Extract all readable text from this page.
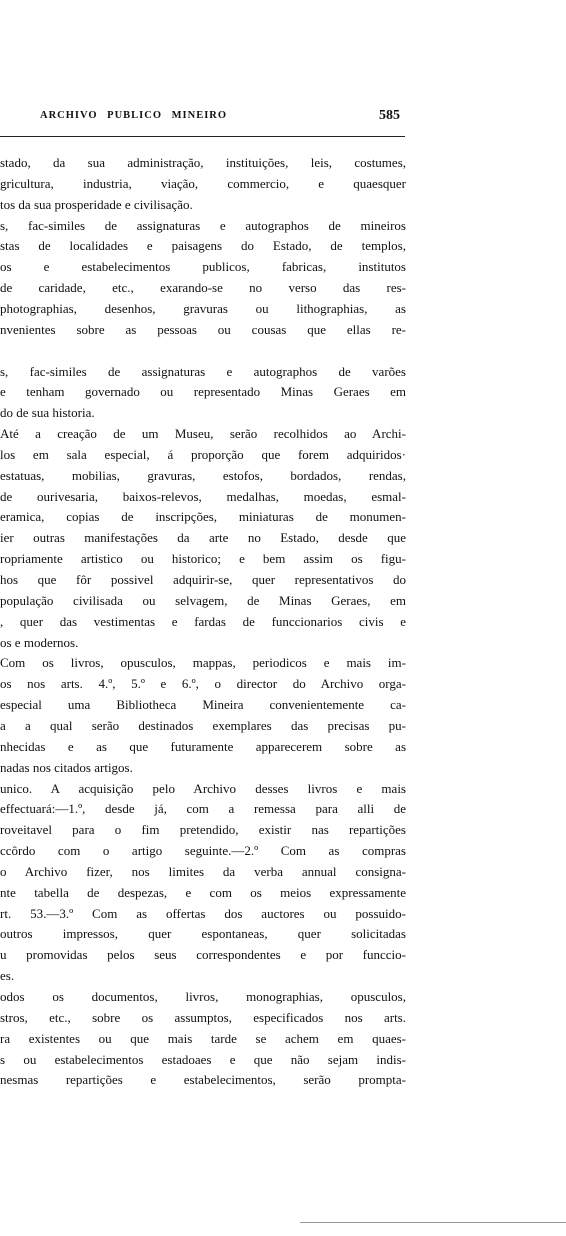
ARCHIVO PUBLICO MINEIRO	585
stado, da sua administração, instituições, leis, costumes,
gricultura, industria, viação, commercio, e quaesquer
tos da sua prosperidade e civilisação.
s, fac-similes de assignaturas e autographos de mineiros
stas de localidades e paisagens do Estado, de templos,
os e estabelecimentos publicos, fabricas, institutos
de caridade, etc., exarando-se no verso das res-
photographias, desenhos, gravuras ou lithographias, as
nvenientes sobre as pessoas ou cousas que ellas re-
s, fac-similes de assignaturas e autographos de varões
e tenham governado ou representado Minas Geraes em
do de sua historia.
Até a creação de um Museu, serão recolhidos ao Archi-
los em sala especial, á proporção que forem adquiridos·
estatuas, mobilias, gravuras, estofos, bordados, rendas,
de ourivesaria, baixos-relevos, medalhas, moedas, esmal-
eramica, copias de inscripções, miniaturas de monumen-
ier outras manifestações da arte no Estado, desde que
ropriamente artistico ou historico; e bem assim os figu-
hos que fôr possivel adquirir-se, quer representativos do
população civilisada ou selvagem, de Minas Geraes, em
, quer das vestimentas e fardas de funccionarios civis e
os e modernos.
Com os livros, opusculos, mappas, periodicos e mais im-
os nos arts. 4.º, 5.º e 6.º, o director do Archivo orga-
especial uma Bibliotheca Mineira convenientemente ca-
a a qual serão destinados exemplares das precisas pu-
nhecidas e as que futuramente apparecerem sobre as
nadas nos citados artigos.
unico. A acquisição pelo Archivo desses livros e mais
effectuará:—1.º, desde já, com a remessa para alli de
roveitavel para o fim pretendido, existir nas repartições
ccôrdo com o artigo seguinte.—2.º Com as compras
o Archivo fizer, nos limites da verba annual consigna-
nte tabella de despezas, e com os meios expressamente
rt. 53.—3.º Com as offertas dos auctores ou possuido-
outros impressos, quer espontaneas, quer solicitadas
u promovidas pelos seus correspondentes e por funccio-
es.
odos os documentos, livros, monographias, opusculos,
stros, etc., sobre os assumptos, especificados nos arts.
ra existentes ou que mais tarde se achem em quaes-
s ou estabelecimentos estadoaes e que não sejam indis-
nesmas repartições e estabelecimentos, serão prompta-
